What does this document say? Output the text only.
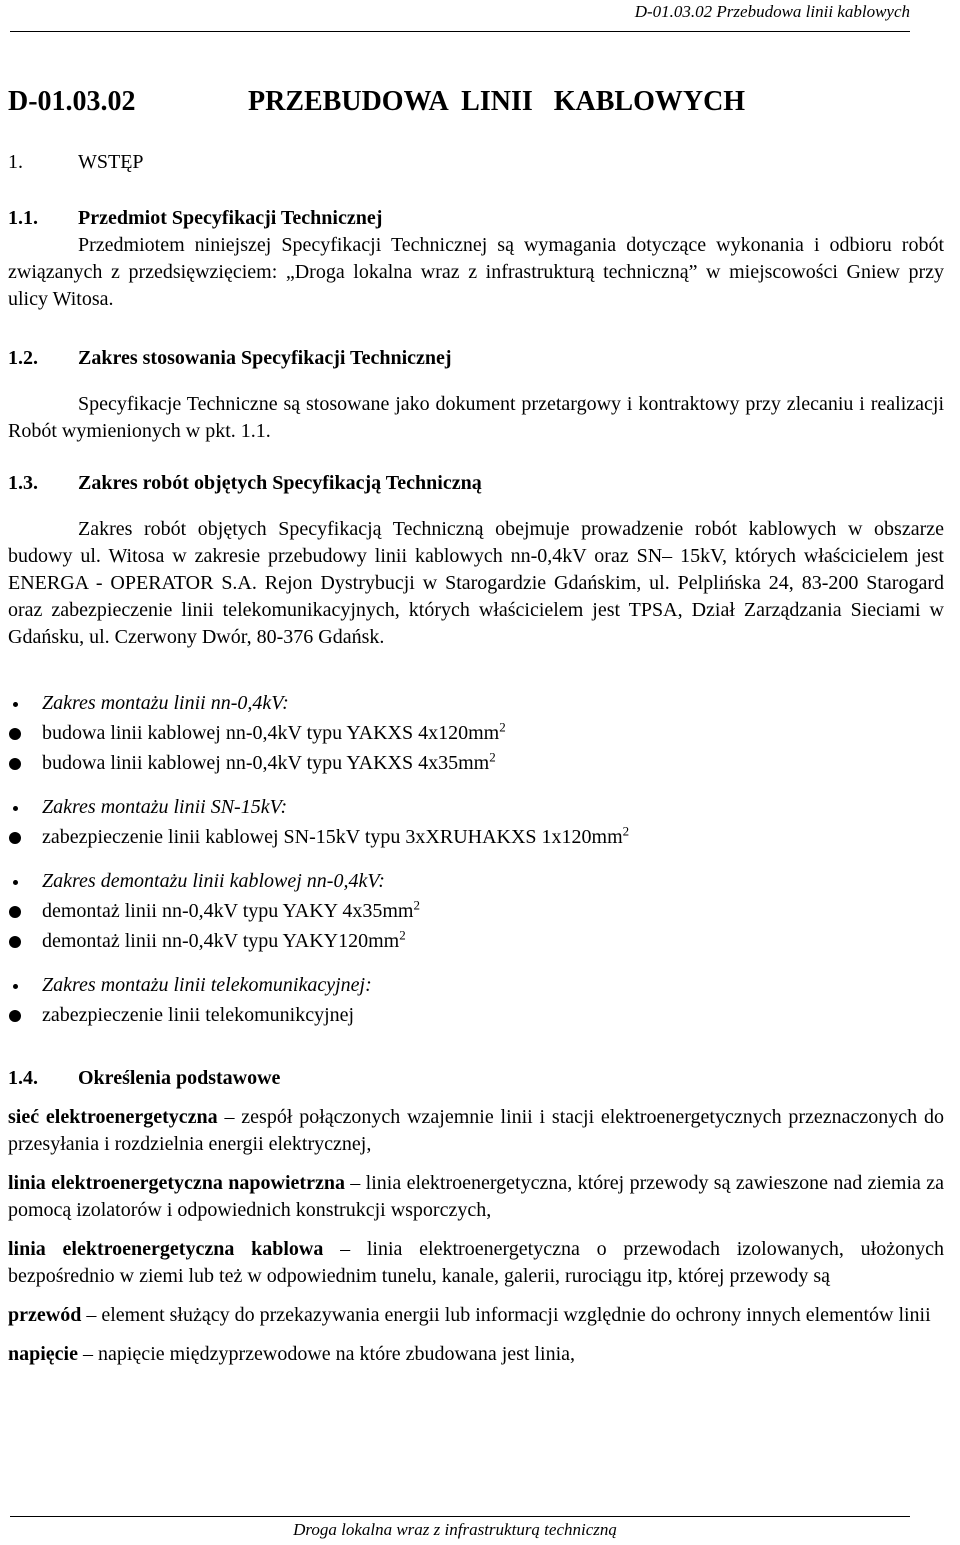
D-01.03.02 Przebudowa linii kablowych
D-01.03.02	PRZEBUDOWA  LINII   KABLOWYCH
1.	WSTĘP
1.1. Przedmiot Specyfikacji Technicznej
Przedmiotem niniejszej Specyfikacji Technicznej są wymagania dotyczące wykonania i odbioru robót związanych z przedsięwzięciem: „Droga lokalna wraz z infrastrukturą techniczną” w miejscowości Gniew przy ulicy Witosa.
1.2. Zakres stosowania Specyfikacji Technicznej
Specyfikacje Techniczne są stosowane jako dokument przetargowy i kontraktowy przy zlecaniu i realizacji Robót wymienionych w pkt. 1.1.
1.3. Zakres robót objętych Specyfikacją Techniczną
Zakres robót objętych Specyfikacją Techniczną obejmuje prowadzenie robót kablowych w obszarze budowy ul. Witosa w zakresie przebudowy linii kablowych nn-0,4kV oraz SN– 15kV, których właścicielem jest ENERGA - OPERATOR S.A. Rejon Dystrybucji w Starogardzie Gdańskim, ul. Pelplińska 24, 83-200 Starogard oraz zabezpieczenie linii telekomunikacyjnych, których właścicielem jest TPSA, Dział Zarządzania Sieciami w Gdańsku, ul. Czerwony Dwór, 80-376 Gdańsk.
Zakres montażu linii nn-0,4kV:
budowa linii kablowej nn-0,4kV typu YAKXS $4x120mm^2$
budowa linii kablowej nn-0,4kV typu YAKXS $4x35mm^2$
Zakres montażu linii SN-15kV:
zabezpieczenie linii kablowej SN-15kV typu 3xXRUHAKXS $1x120mm^2$
Zakres demontażu linii kablowej nn-0,4kV:
demontaż linii nn-0,4kV typu YAKY $4x35mm^2$
demontaż linii nn-0,4kV typu $YAKY120mm^2$
Zakres montażu linii telekomunikacyjnej:
zabezpieczenie linii telekomunikcyjnej
1.4. Określenia podstawowe
sieć elektroenergetyczna – zespół połączonych wzajemnie linii i stacji elektroenergetycznych przeznaczonych do przesyłania i rozdzielnia energii elektrycznej,
linia elektroenergetyczna napowietrzna – linia elektroenergetyczna, której przewody są zawieszone nad ziemia za pomocą izolatorów i odpowiednich konstrukcji wsporczych,
linia elektroenergetyczna kablowa – linia elektroenergetyczna o przewodach izolowanych, ułożonych bezpośrednio w ziemi lub też w odpowiednim tunelu, kanale, galerii, rurociągu itp, której przewody są
przewód – element służący do przekazywania energii lub informacji względnie do ochrony innych elementów linii
napięcie – napięcie międzyprzewodowe na które zbudowana jest linia,
Droga lokalna wraz z infrastrukturą techniczną
